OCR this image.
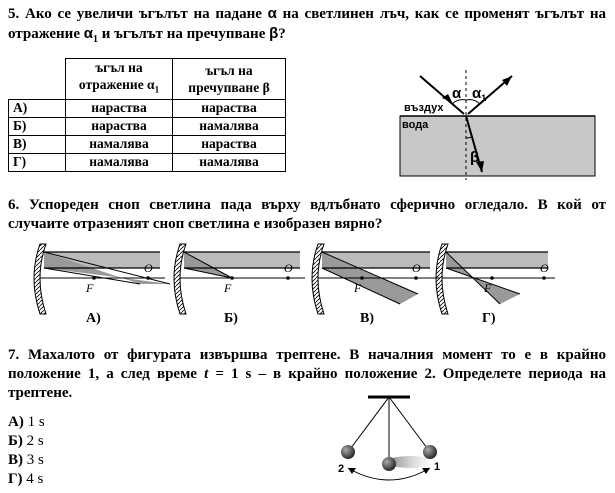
5. Ако се увеличи ъгълът на падане α на светлинен лъч, как се променят ъгълът на отражение $\alpha_1$ и ъгълът на пречупване β?
	ъгъл на
отражение $\alpha_1$	ъгъл на
пречупване β
А)	нараства	нараства
Б)	нараства	намалява
В)	намалява	нараства
Г)	намалява	намалява
α $\alpha_1$
β
въздух
вода
6. Успореден сноп светлина пада върху вдлъбнато сферично огледало. В кой от случаите отразеният сноп светлина е изобразен вярно?
F
O
А)
F
O
Б)
F
O
В)
F
O
Г)
7. Махалото от фигурата извършва трептене. В началния момент то е в крайно положение 1, а след време t = 1 s – в крайно положение 2. Определете периода на трептене.
А) 1 s
Б) 2 s
В) 3 s
Г) 4 s
2	1
